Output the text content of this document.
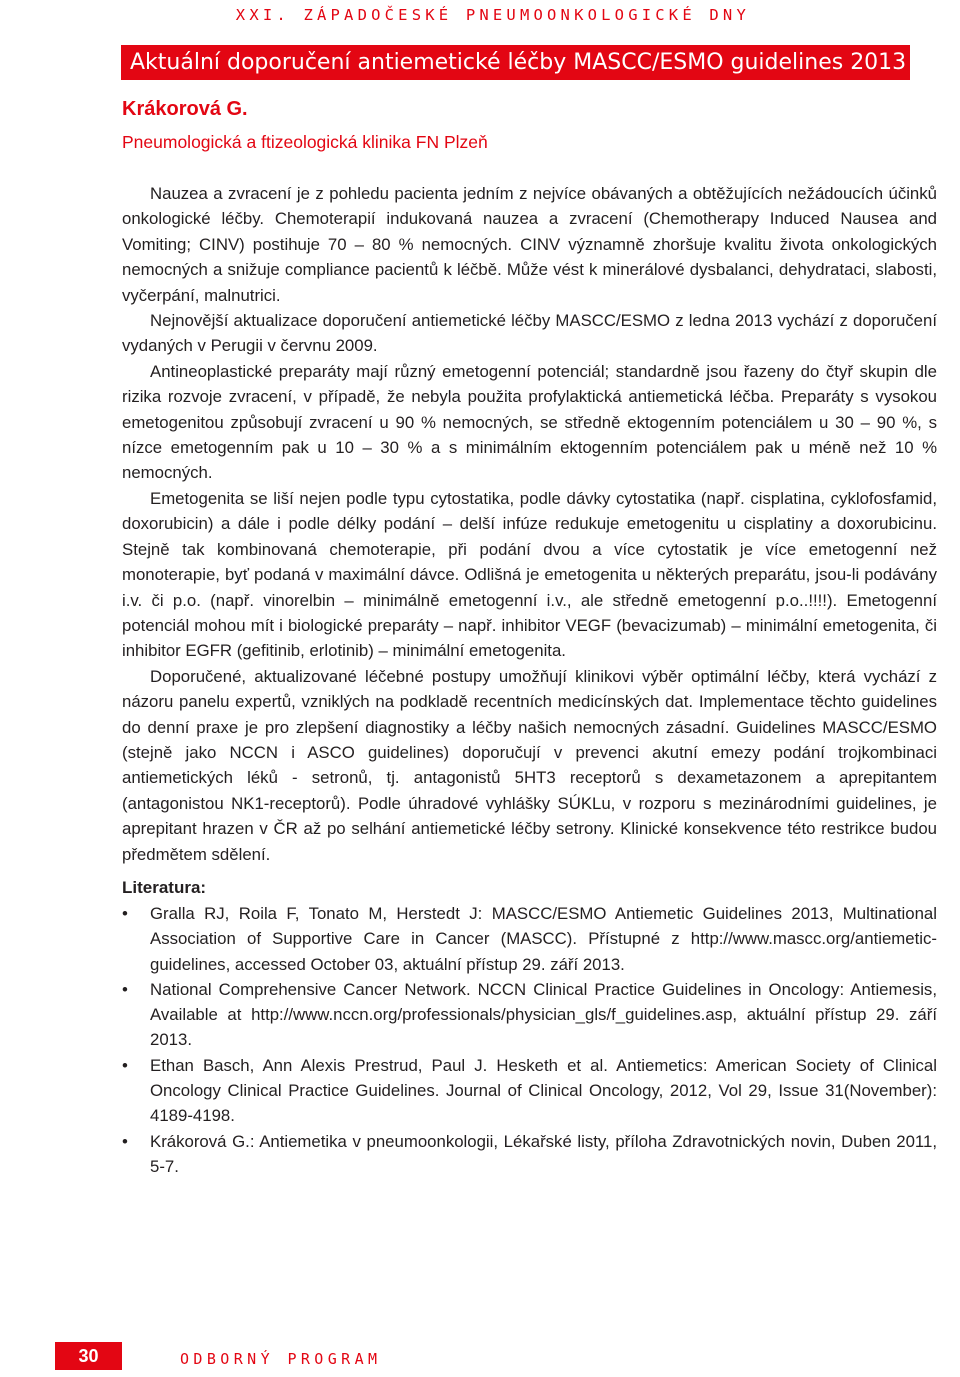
XXI. ZÁPADOČESKÉ PNEUMOONKOLOGICKÉ DNY
Aktuální doporučení antiemetické léčby MASCC/ESMO guidelines 2013
Krákorová G.
Pneumologická a ftizeologická klinika FN Plzeň

Nauzea a zvracení je z pohledu pacienta jedním z nejvíce obávaných a obtěžujících nežádoucích účinků onkologické léčby. Chemoterapií indukovaná nauzea a zvracení (Chemotherapy Induced Nausea and Vomiting; CINV) postihuje 70 – 80 % nemocných. CINV významně zhoršuje kvalitu života onkologických nemocných a snižuje compliance pacientů k léčbě. Může vést k minerálové dysbalanci, dehydrataci, slabosti, vyčerpání, malnutrici.

Nejnovější aktualizace doporučení antiemetické léčby MASCC/ESMO z ledna 2013 vychází z doporučení vydaných v Perugii v červnu 2009.

Antineoplastické preparáty mají různý emetogenní potenciál; standardně jsou řazeny do čtyř skupin dle rizika rozvoje zvracení, v případě, že nebyla použita profylaktická antiemetická léčba. Preparáty s vysokou emetogenitou způsobují zvracení u 90 % nemocných, se středně ektogenním potenciálem u 30 – 90 %, s nízce emetogenním pak u 10 – 30 % a s minimálním ektogenním potenciálem pak u méně než 10 % nemocných.

Emetogenita se liší nejen podle typu cytostatika, podle dávky cytostatika (např. cisplatina, cyklofosfamid, doxorubicin) a dále i podle délky podání – delší infúze redukuje emetogenitu u cisplatiny a doxorubicinu. Stejně tak kombinovaná chemoterapie, při podání dvou a více cytostatik je více emetogenní než monoterapie, byť podaná v maximální dávce. Odlišná je emetogenita u některých preparátu, jsou-li podávány i.v. či p.o. (např. vinorelbin – minimálně emetogenní i.v., ale středně emetogenní p.o..!!!!). Emetogenní potenciál mohou mít i biologické preparáty – např. inhibitor VEGF (bevacizumab) – minimální emetogenita, či inhibitor EGFR (gefitinib, erlotinib) – minimální emetogenita.

Doporučené, aktualizované léčebné postupy umožňují klinikovi výběr optimální léčby, která vychází z názoru panelu expertů, vzniklých na podkladě recentních medicínských dat. Implementace těchto guidelines do denní praxe je pro zlepšení diagnostiky a léčby našich nemocných zásadní. Guidelines MASCC/ESMO (stejně jako NCCN i ASCO guidelines) doporučují v prevenci akutní emezy podání trojkombinaci antiemetických léků - setronů, tj. antagonistů 5HT3 receptorů s dexametazonem a aprepitantem (antagonistou NK1-receptorů). Podle úhradové vyhlášky SÚKLu, v rozporu s mezinárodními guidelines, je aprepitant hrazen v ČR až po selhání antiemetické léčby setrony. Klinické konsekvence této restrikce budou předmětem sdělení.

Literatura:
• Gralla RJ, Roila F, Tonato M, Herstedt J: MASCC/ESMO Antiemetic Guidelines 2013, Multinational Association of Supportive Care in Cancer (MASCC). Přístupné z http://www.mascc.org/antiemetic-guidelines, accessed October 03, aktuální přístup 29. září 2013.
• National Comprehensive Cancer Network. NCCN Clinical Practice Guidelines in Oncology: Antiemesis, Available at http://www.nccn.org/professionals/physician_gls/f_guidelines.asp, aktuální přístup 29. září 2013.
• Ethan Basch, Ann Alexis Prestrud, Paul J. Hesketh et al. Antiemetics: American Society of Clinical Oncology Clinical Practice Guidelines. Journal of Clinical Oncology, 2012, Vol 29, Issue 31(November): 4189-4198.
• Krákorová G.: Antiemetika v pneumoonkologii, Lékařské listy, příloha Zdravotnických novin, Duben 2011, 5-7.
30	ODBORNÝ PROGRAM
